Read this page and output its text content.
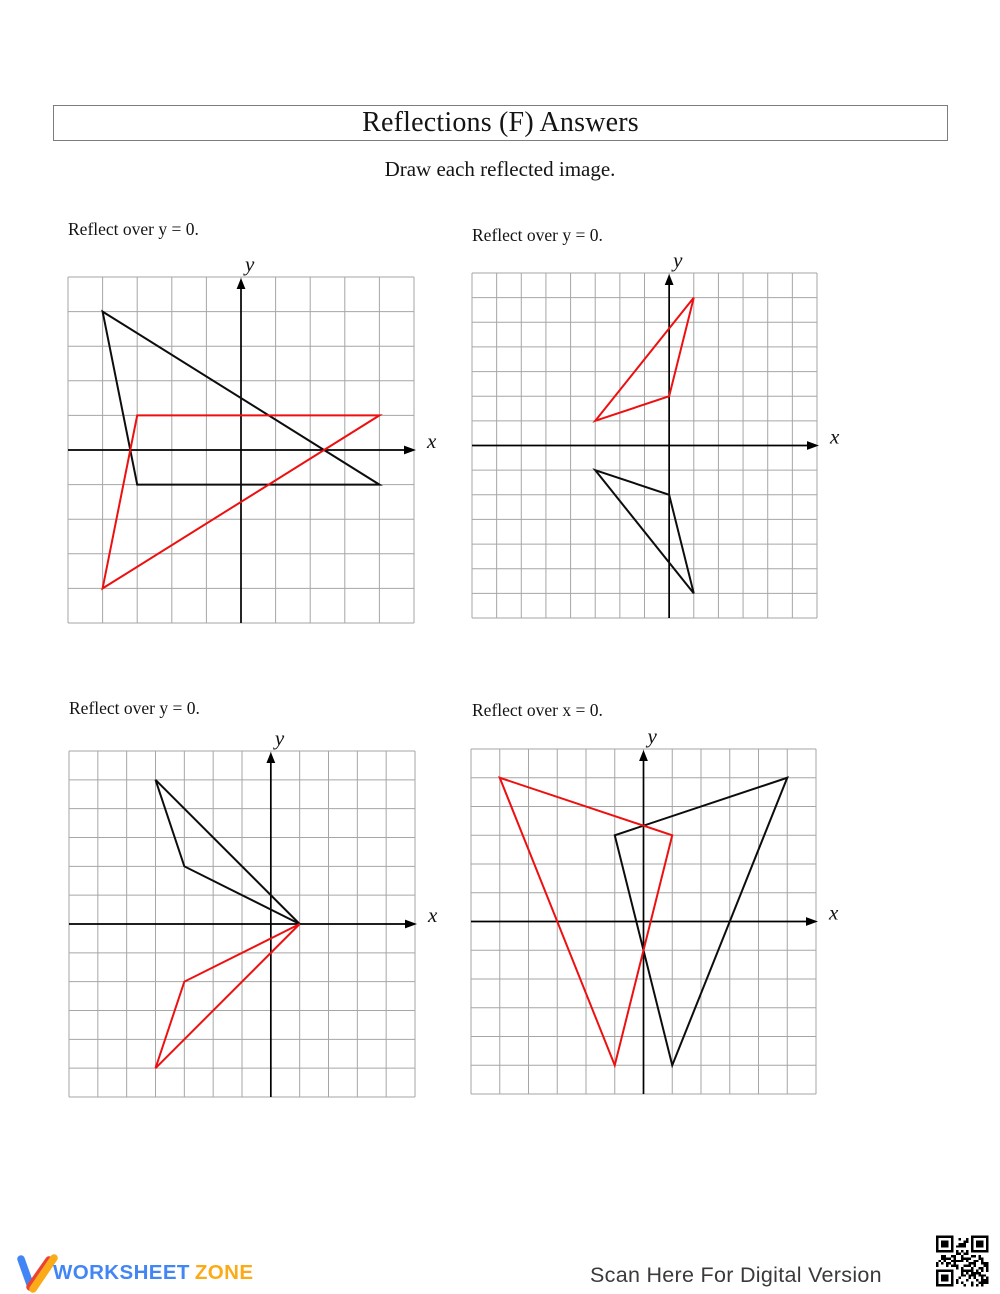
Reflections (F) Answers
Draw each reflected image.
Reflect over y = 0.
x
y
Reflect over y = 0.
x
y
Reflect over y = 0.
x
y
Reflect over x = 0.
x
y
WORKSHEET ZONE	Scan Here For Digital Version
